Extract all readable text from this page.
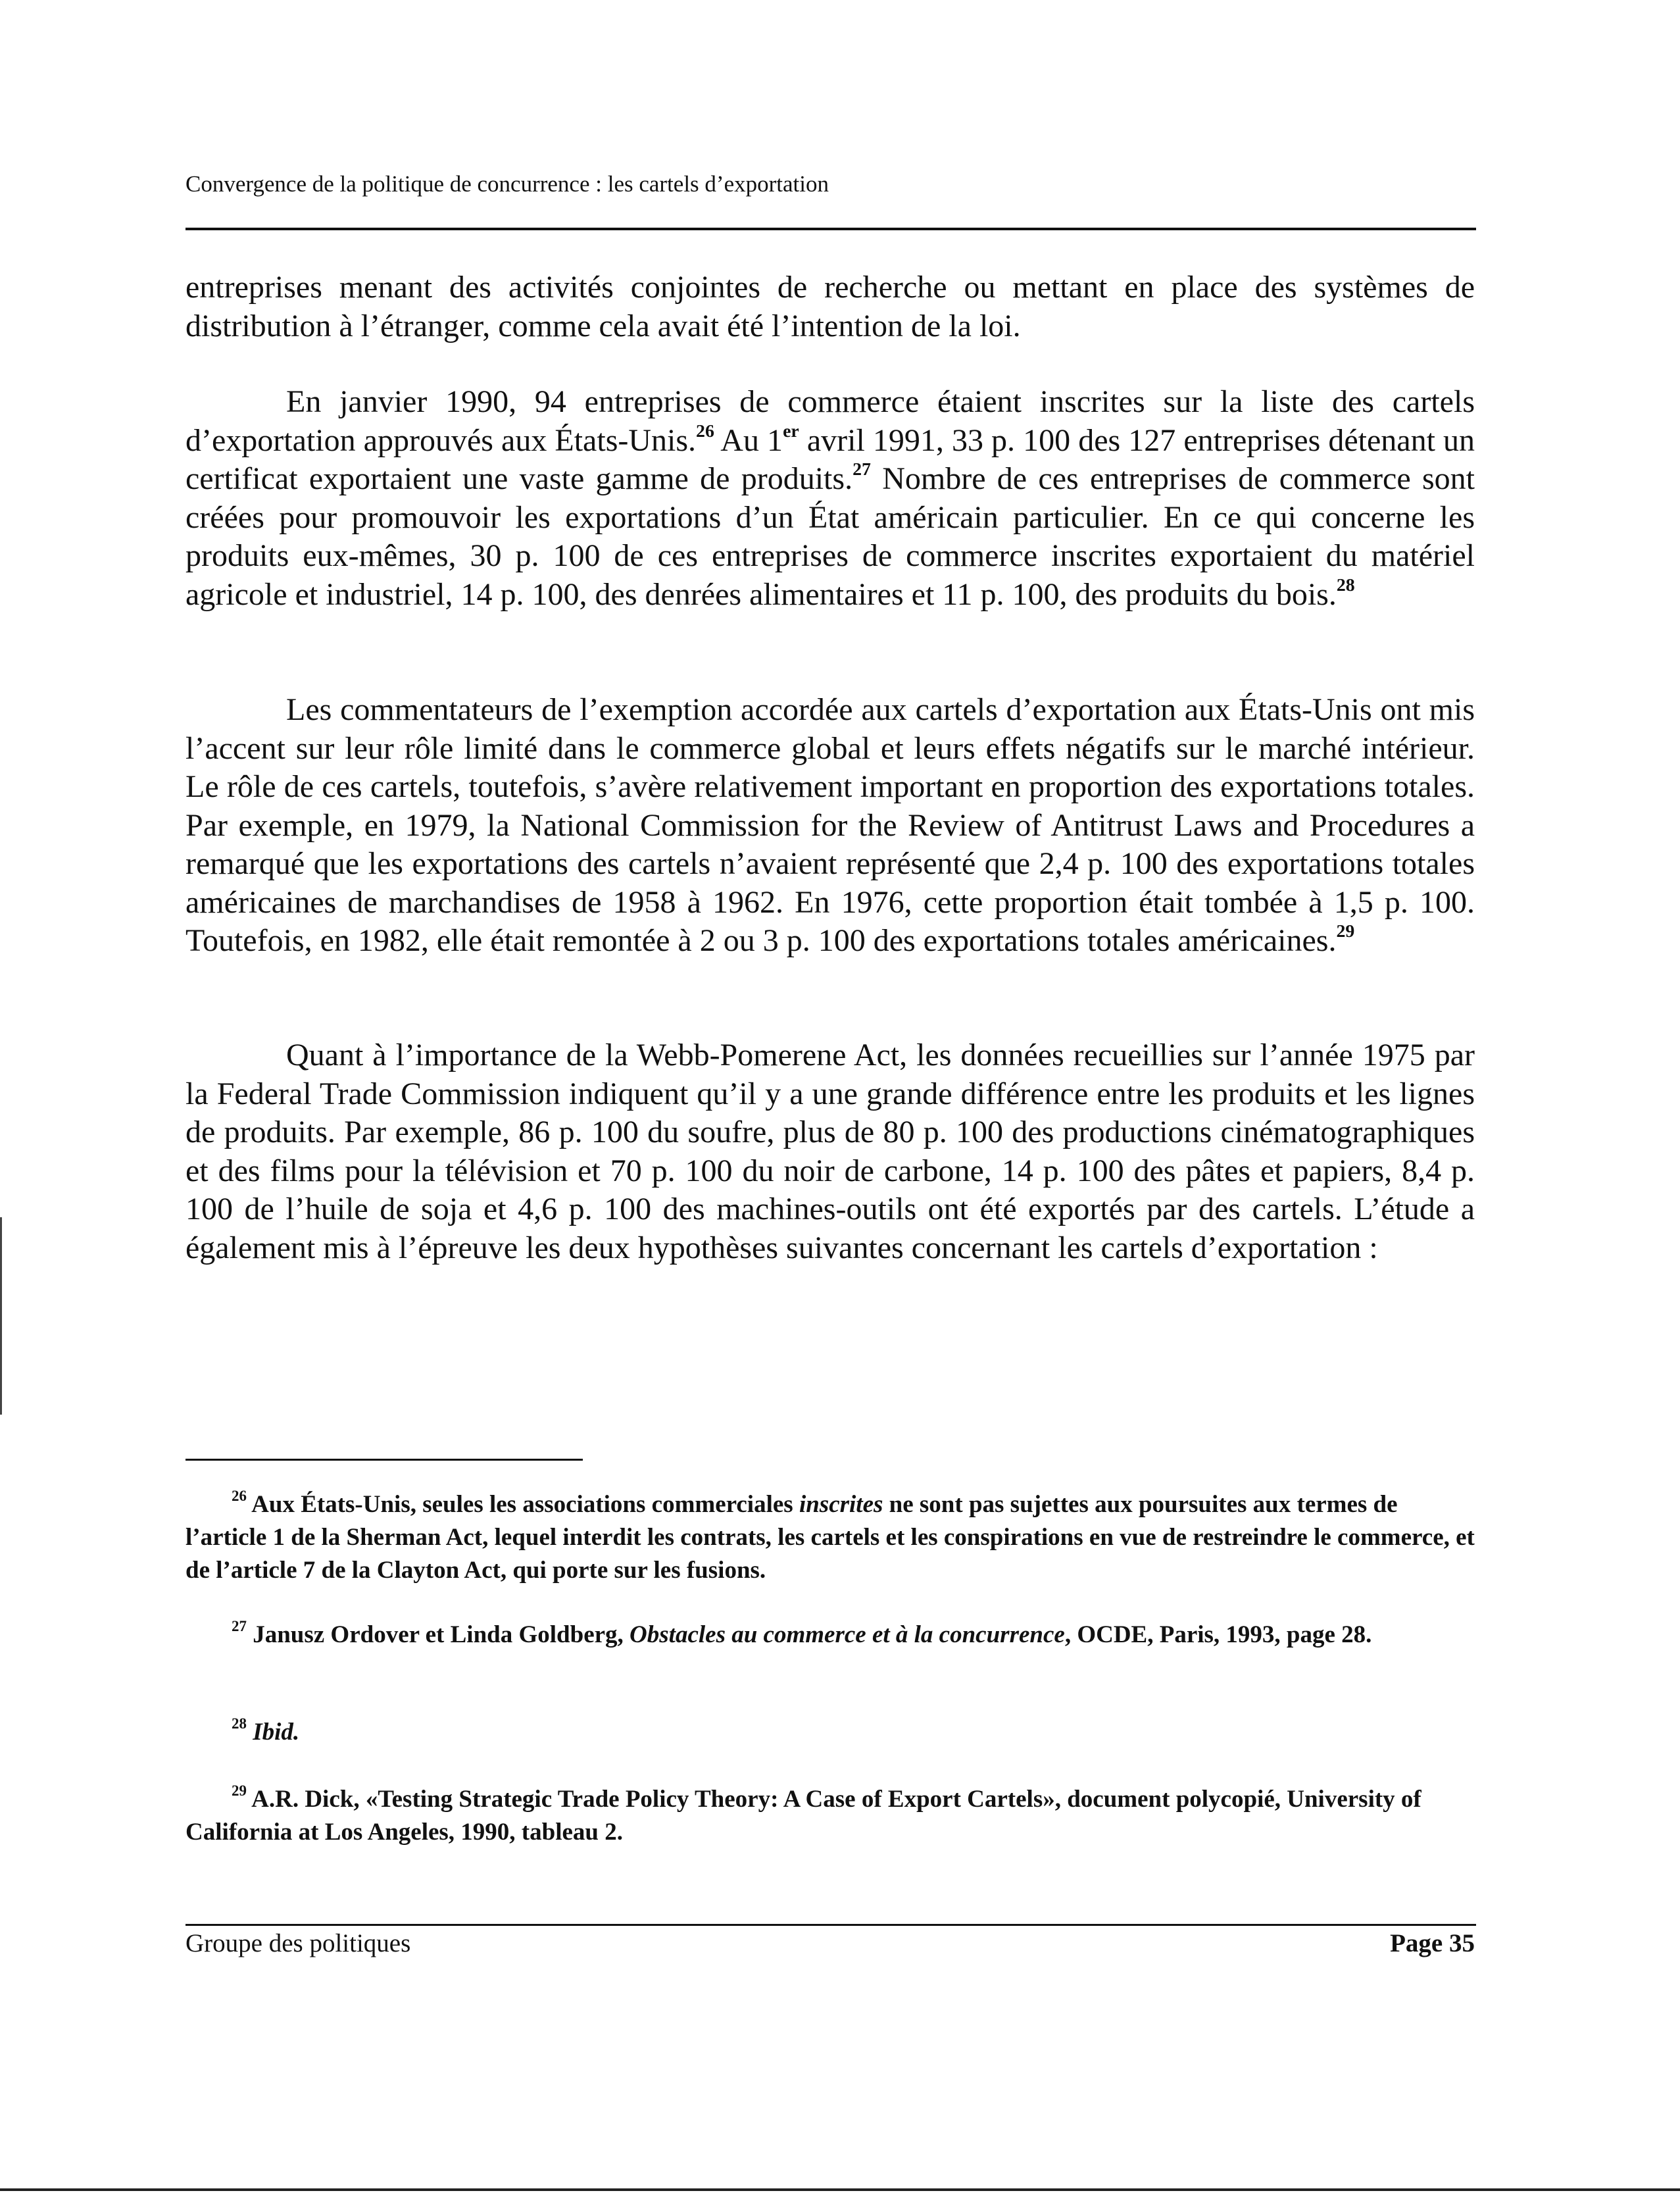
Convergence de la politique de concurrence : les cartels d’exportation

entreprises menant des activités conjointes de recherche ou mettant en place des systèmes de distribution à l’étranger, comme cela avait été l’intention de la loi.

En janvier 1990, 94 entreprises de commerce étaient inscrites sur la liste des cartels d’exportation approuvés aux États-Unis.$^{26}$ Au 1er avril 1991, 33 p. 100 des 127 entreprises détenant un certificat exportaient une vaste gamme de produits.$^{27}$ Nombre de ces entreprises de commerce sont créées pour promouvoir les exportations d’un État américain particulier. En ce qui concerne les produits eux-mêmes, 30 p. 100 de ces entreprises de commerce inscrites exportaient du matériel agricole et industriel, 14 p. 100, des denrées alimentaires et 11 p. 100, des produits du bois.$^{28}$

Les commentateurs de l’exemption accordée aux cartels d’exportation aux États-Unis ont mis l’accent sur leur rôle limité dans le commerce global et leurs effets négatifs sur le marché intérieur. Le rôle de ces cartels, toutefois, s’avère relativement important en proportion des exportations totales. Par exemple, en 1979, la National Commission for the Review of Antitrust Laws and Procedures a remarqué que les exportations des cartels n’avaient représenté que 2,4 p. 100 des exportations totales américaines de marchandises de 1958 à 1962. En 1976, cette proportion était tombée à 1,5 p. 100. Toutefois, en 1982, elle était remontée à 2 ou 3 p. 100 des exportations totales américaines.$^{29}$

Quant à l’importance de la Webb-Pomerene Act, les données recueillies sur l’année 1975 par la Federal Trade Commission indiquent qu’il y a une grande différence entre les produits et les lignes de produits. Par exemple, 86 p. 100 du soufre, plus de 80 p. 100 des productions cinématographiques et des films pour la télévision et 70 p. 100 du noir de carbone, 14 p. 100 des pâtes et papiers, 8,4 p. 100 de l’huile de soja et 4,6 p. 100 des machines-outils ont été exportés par des cartels. L’étude a également mis à l’épreuve les deux hypothèses suivantes concernant les cartels d’exportation :

$^{26}$ Aux États-Unis, seules les associations commerciales inscrites ne sont pas sujettes aux poursuites aux termes de l’article 1 de la Sherman Act, lequel interdit les contrats, les cartels et les conspirations en vue de restreindre le commerce, et de l’article 7 de la Clayton Act, qui porte sur les fusions.

$^{27}$ Janusz Ordover et Linda Goldberg, Obstacles au commerce et à la concurrence, OCDE, Paris, 1993, page 28.

$^{28}$ Ibid.

$^{29}$ A.R. Dick, «Testing Strategic Trade Policy Theory: A Case of Export Cartels», document polycopié, University of California at Los Angeles, 1990, tableau 2.

Groupe des politiques	Page 35
